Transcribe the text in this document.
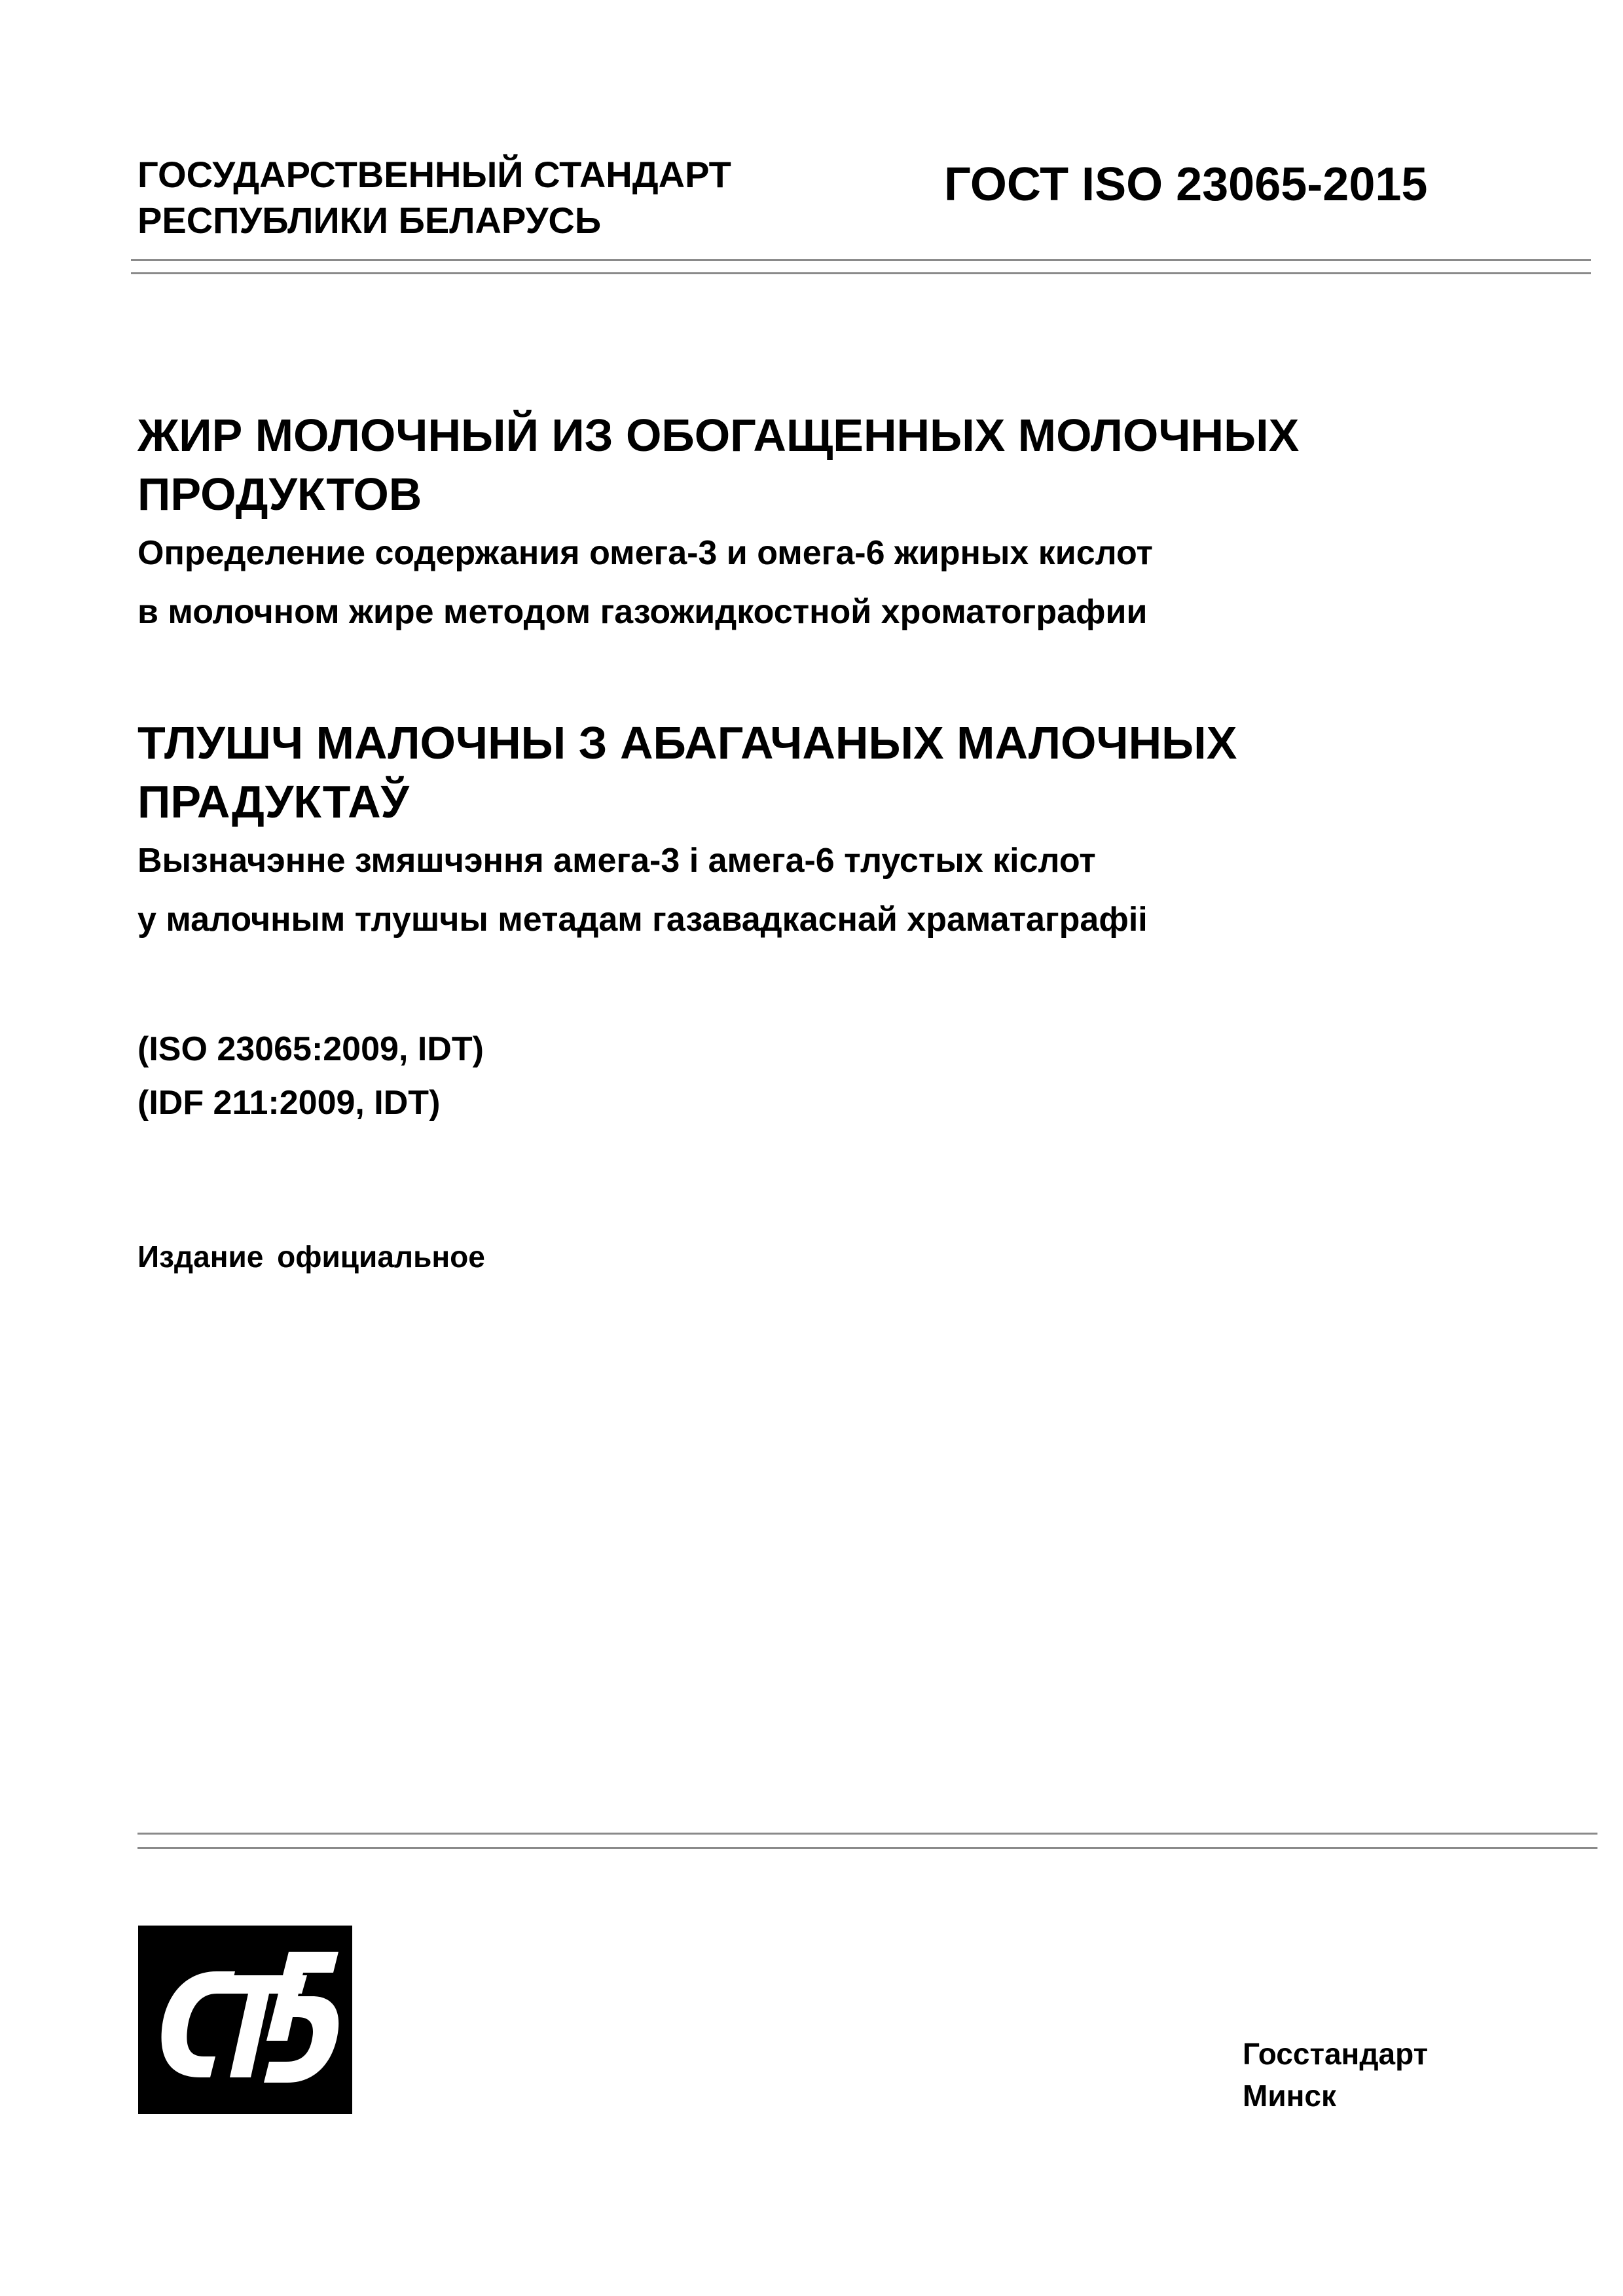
ГОСУДАРСТВЕННЫЙ СТАНДАРТ
РЕСПУБЛИКИ БЕЛАРУСЬ
ГОСТ ISO 23065-2015
ЖИР МОЛОЧНЫЙ ИЗ ОБОГАЩЕННЫХ МОЛОЧНЫХ
ПРОДУКТОВ
Определение содержания омега-3 и омега-6 жирных кислот
в молочном жире методом газожидкостной хроматографии
ТЛУШЧ МАЛОЧНЫ З АБАГАЧАНЫХ МАЛОЧНЫХ
ПРАДУКТАЎ
Вызначэнне змяшчэння амега-3 і амега-6 тлустых кіслот
у малочным тлушчы метадам газавадкаснай храматаграфіі
(ISO 23065:2009, IDT)
(IDF 211:2009, IDT)
Издание официальное
Госстандарт
Минск
